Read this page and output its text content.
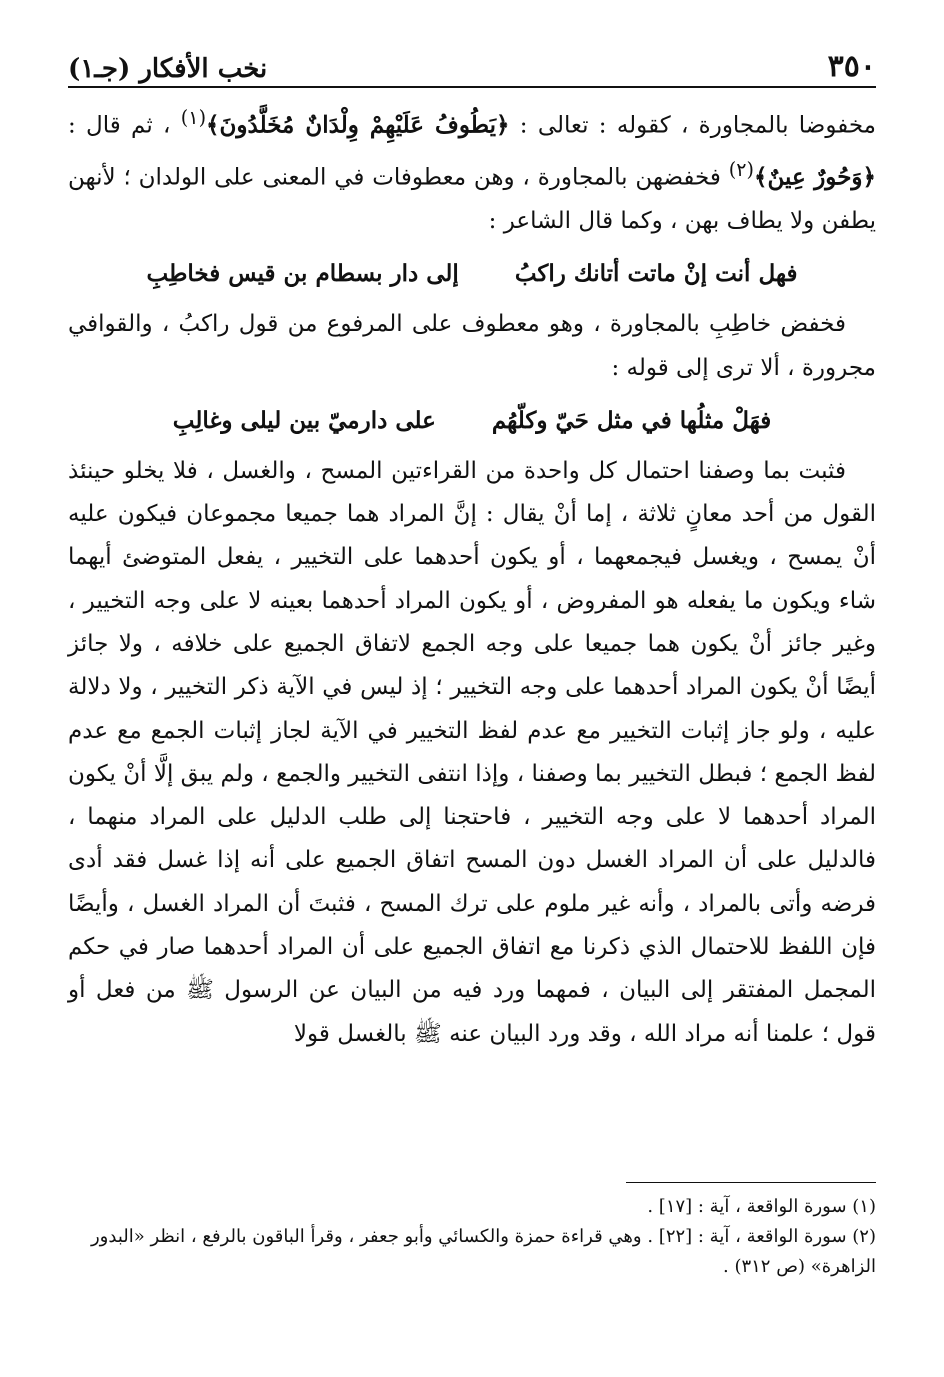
٣٥٠
نخب الأفكار (جـ١)

مخفوضا بالمجاورة ، كقوله : تعالى : ﴿يَطُوفُ عَلَيْهِمْ وِلْدَانٌ مُخَلَّدُونَ﴾$^{(١)}$ ، ثم قال : ﴿وَحُورٌ عِينٌ﴾$^{(٢)}$ فخفضهن بالمجاورة ، وهن معطوفات في المعنى على الولدان ؛ لأنهن يطفن ولا يطاف بهن ، وكما قال الشاعر :

فهل أنت إنْ ماتت أتانك راكبُ
إلى دار بسطام بن قيس فخاطِبِ

فخفض خاطِبِ بالمجاورة ، وهو معطوف على المرفوع من قول راكبُ ، والقوافي مجرورة ، ألا ترى إلى قوله :

فهَلْ مثلُها في مثل حَيّ وكلّهُم
على دارميّ بين ليلى وغالِبِ

فثبت بما وصفنا احتمال كل واحدة من القراءتين المسح ، والغسل ، فلا يخلو حينئذ القول من أحد معانٍ ثلاثة ، إما أنْ يقال : إنَّ المراد هما جميعا مجموعان فيكون عليه أنْ يمسح ، ويغسل فيجمعهما ، أو يكون أحدهما على التخيير ، يفعل المتوضئ أيهما شاء ويكون ما يفعله هو المفروض ، أو يكون المراد أحدهما بعينه لا على وجه التخيير ، وغير جائز أنْ يكون هما جميعا على وجه الجمع لاتفاق الجميع على خلافه ، ولا جائز أيضًا أنْ يكون المراد أحدهما على وجه التخيير ؛ إذ ليس في الآية ذكر التخيير ، ولا دلالة عليه ، ولو جاز إثبات التخيير مع عدم لفظ التخيير في الآية لجاز إثبات الجمع مع عدم لفظ الجمع ؛ فبطل التخيير بما وصفنا ، وإذا انتفى التخيير والجمع ، ولم يبق إلَّا أنْ يكون المراد أحدهما لا على وجه التخيير ، فاحتجنا إلى طلب الدليل على المراد منهما ، فالدليل على أن المراد الغسل دون المسح اتفاق الجميع على أنه إذا غسل فقد أدى فرضه وأتى بالمراد ، وأنه غير ملوم على ترك المسح ، فثبتَ أن المراد الغسل ، وأيضًا فإن اللفظ للاحتمال الذي ذكرنا مع اتفاق الجميع على أن المراد أحدهما صار في حكم المجمل المفتقر إلى البيان ، فمهما ورد فيه من البيان عن الرسول ﷺ من فعل أو قول ؛ علمنا أنه مراد الله ، وقد ورد البيان عنه ﷺ بالغسل قولا

(١) سورة الواقعة ، آية : [١٧] .

(٢) سورة الواقعة ، آية : [٢٢] . وهي قراءة حمزة والكسائي وأبو جعفر ، وقرأ الباقون بالرفع ، انظر «البدور الزاهرة» (ص ٣١٢) .
